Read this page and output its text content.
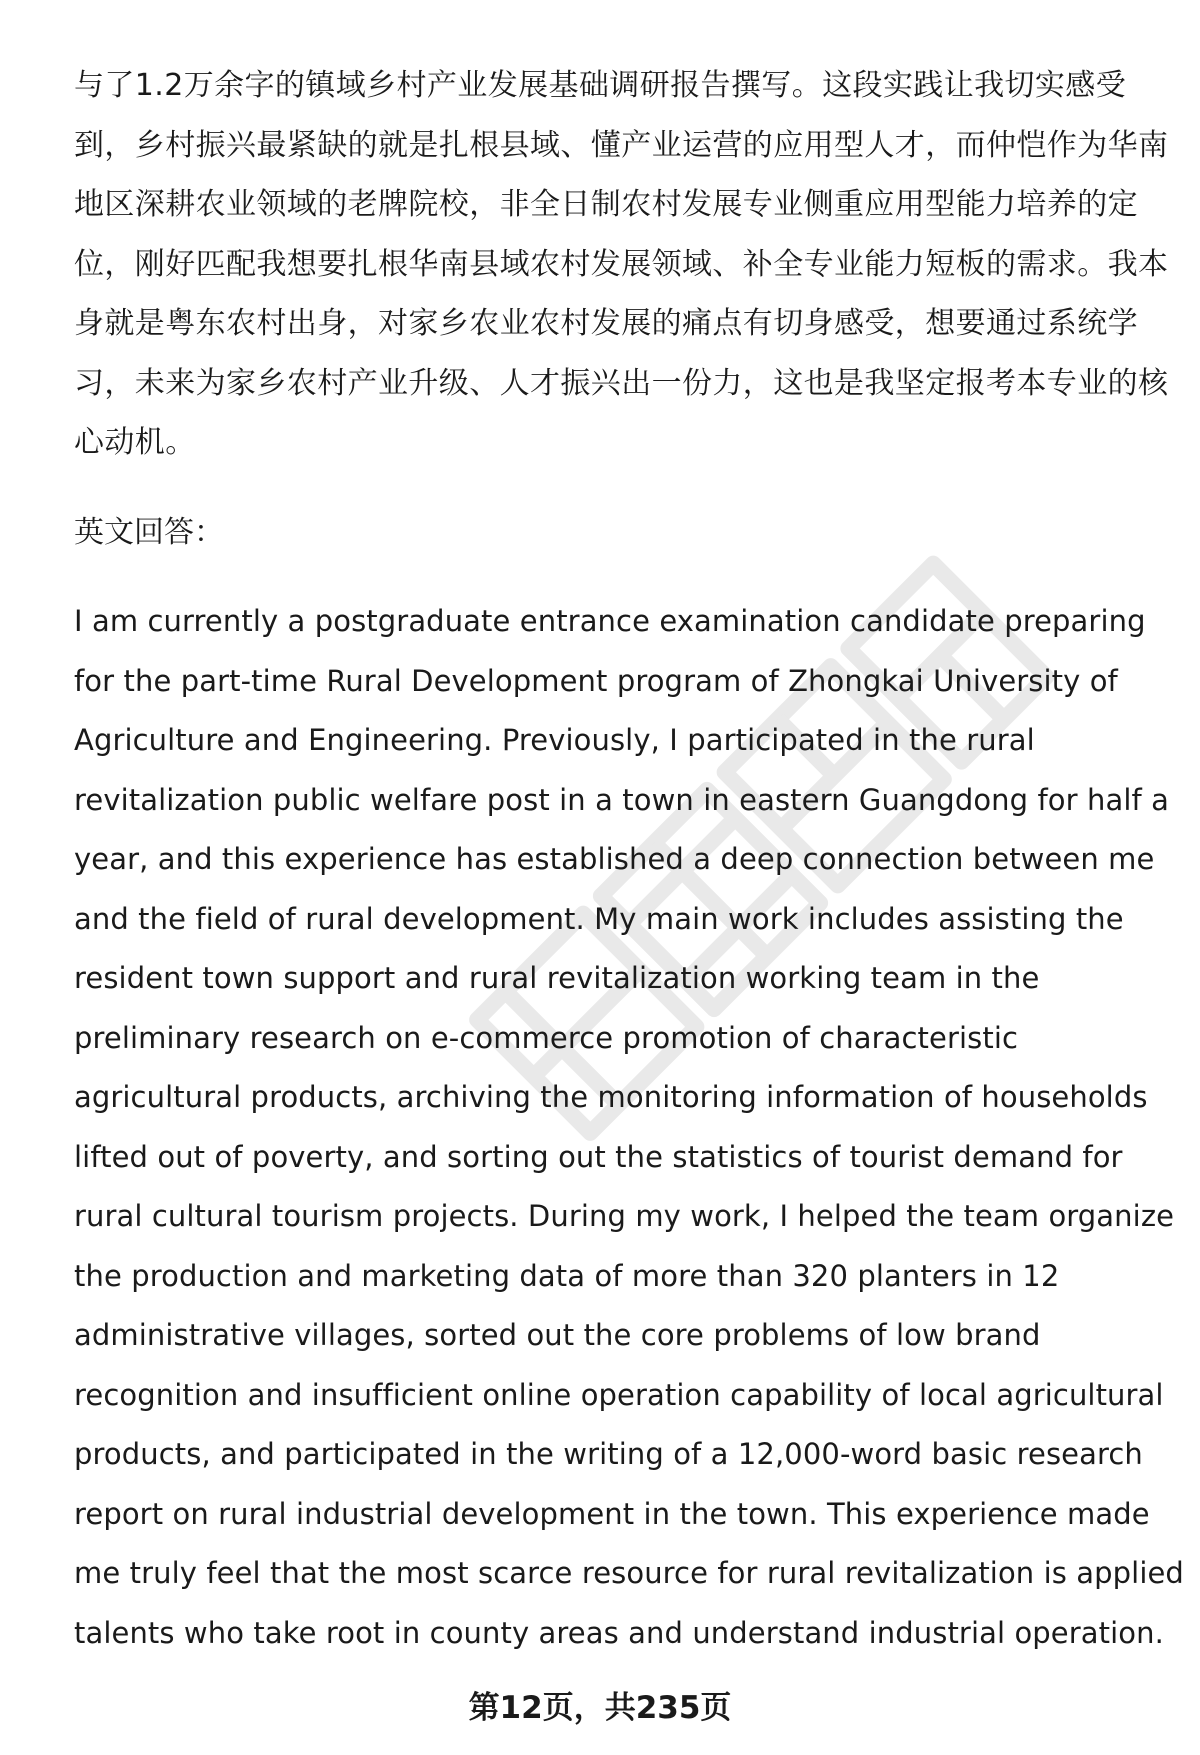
与了1.2万余字的镇域乡村产业发展基础调研报告撰写。这段实践让我切实感受
到，乡村振兴最紧缺的就是扎根县域、懂产业运营的应用型人才，而仲恺作为华南
地区深耕农业领域的老牌院校，非全日制农村发展专业侧重应用型能力培养的定
位，刚好匹配我想要扎根华南县域农村发展领域、补全专业能力短板的需求。我本
身就是粤东农村出身，对家乡农业农村发展的痛点有切身感受，想要通过系统学
习，未来为家乡农村产业升级、人才振兴出一份力，这也是我坚定报考本专业的核
心动机。
英文回答：
I am currently a postgraduate entrance examination candidate preparing
for the part-time Rural Development program of Zhongkai University of
Agriculture and Engineering. Previously, I participated in the rural
revitalization public welfare post in a town in eastern Guangdong for half a
year, and this experience has established a deep connection between me
and the field of rural development. My main work includes assisting the
resident town support and rural revitalization working team in the
preliminary research on e-commerce promotion of characteristic
agricultural products, archiving the monitoring information of households
lifted out of poverty, and sorting out the statistics of tourist demand for
rural cultural tourism projects. During my work, I helped the team organize
the production and marketing data of more than 320 planters in 12
administrative villages, sorted out the core problems of low brand
recognition and insufficient online operation capability of local agricultural
products, and participated in the writing of a 12,000-word basic research
report on rural industrial development in the town. This experience made
me truly feel that the most scarce resource for rural revitalization is applied
talents who take root in county areas and understand industrial operation.
第12页，共235页
